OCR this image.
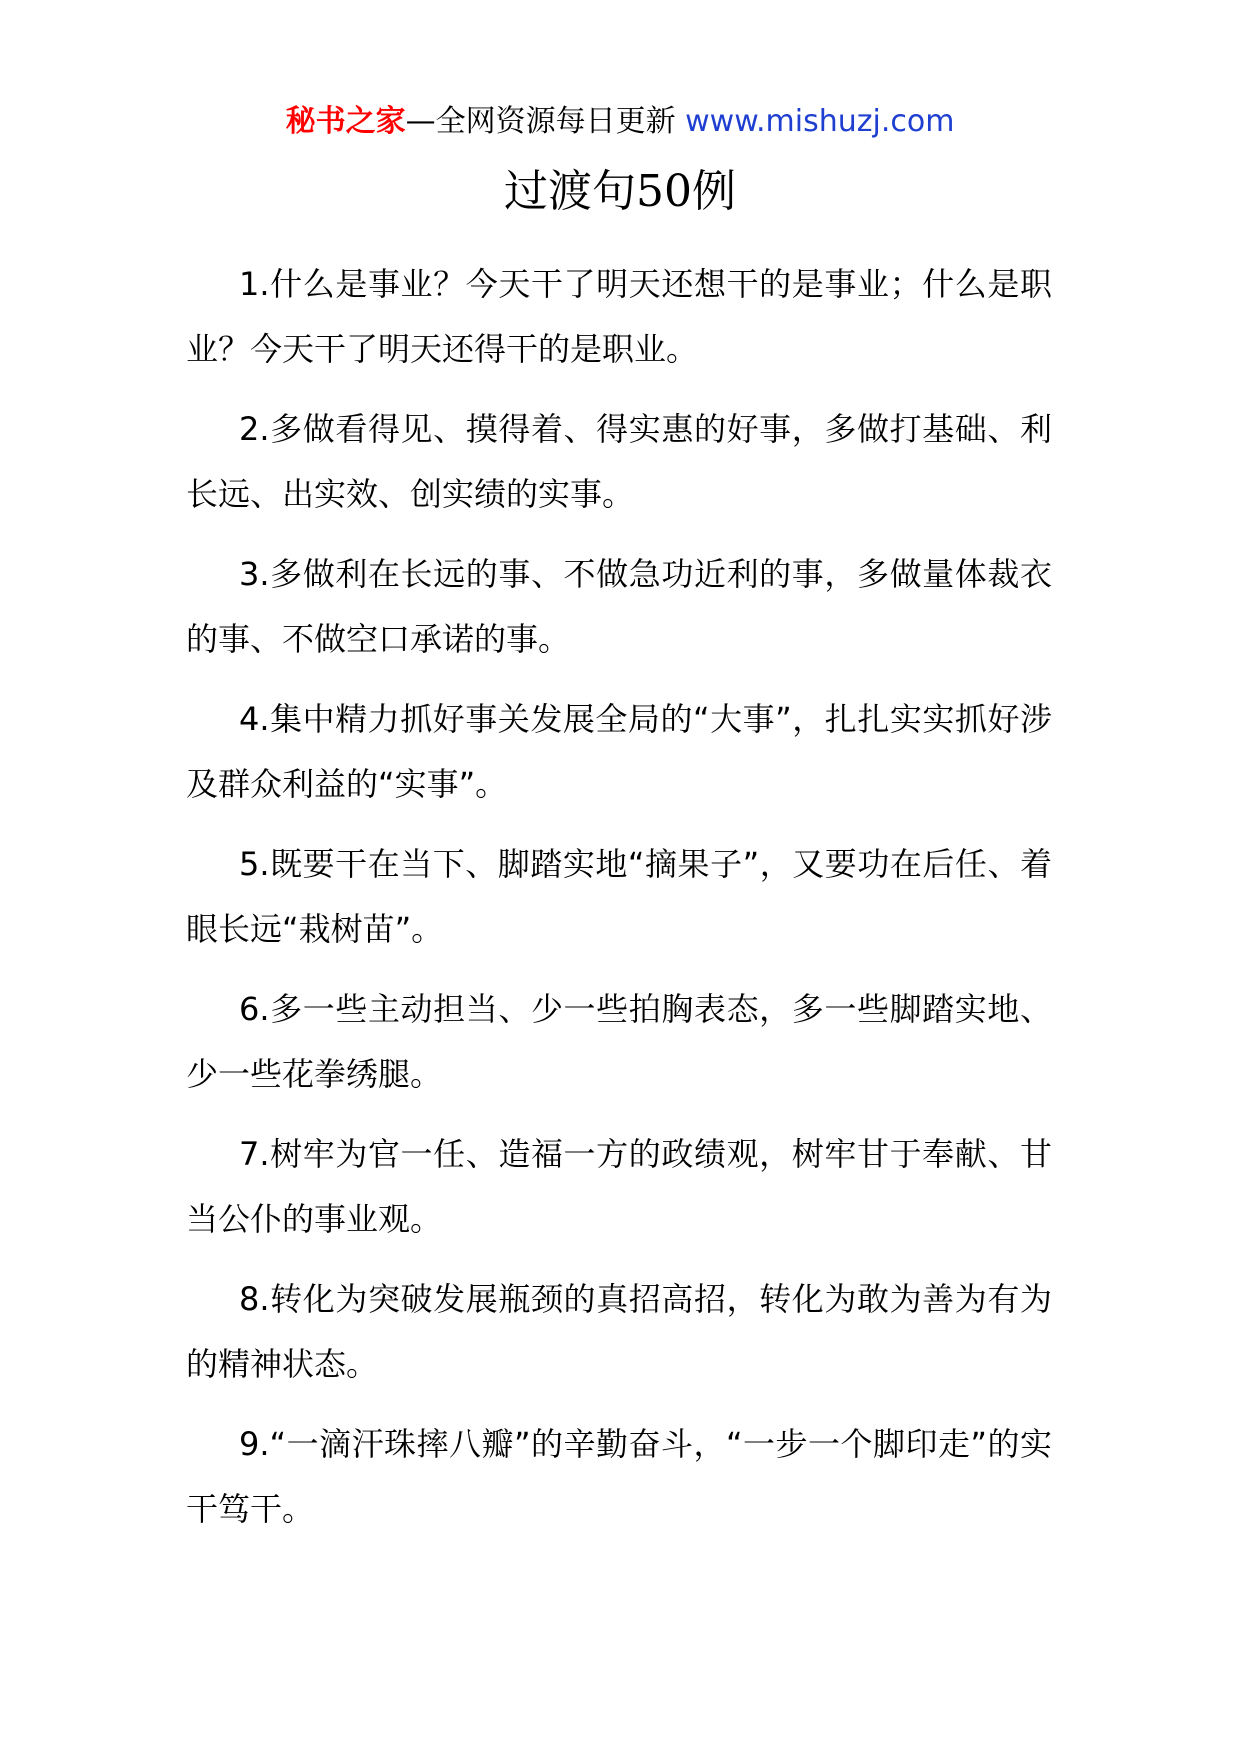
秘书之家—全网资源每日更新 www.mishuzj.com
过渡句50例

1.什么是事业？今天干了明天还想干的是事业；什么是职业？今天干了明天还得干的是职业。

2.多做看得见、摸得着、得实惠的好事，多做打基础、利长远、出实效、创实绩的实事。

3.多做利在长远的事、不做急功近利的事，多做量体裁衣的事、不做空口承诺的事。

4.集中精力抓好事关发展全局的“大事”，扎扎实实抓好涉及群众利益的“实事”。

5.既要干在当下、脚踏实地“摘果子”，又要功在后任、着眼长远“栽树苗”。

6.多一些主动担当、少一些拍胸表态，多一些脚踏实地、少一些花拳绣腿。

7.树牢为官一任、造福一方的政绩观，树牢甘于奉献、甘当公仆的事业观。

8.转化为突破发展瓶颈的真招高招，转化为敢为善为有为的精神状态。

9.“一滴汗珠摔八瓣”的辛勤奋斗，“一步一个脚印走”的实干笃干。
